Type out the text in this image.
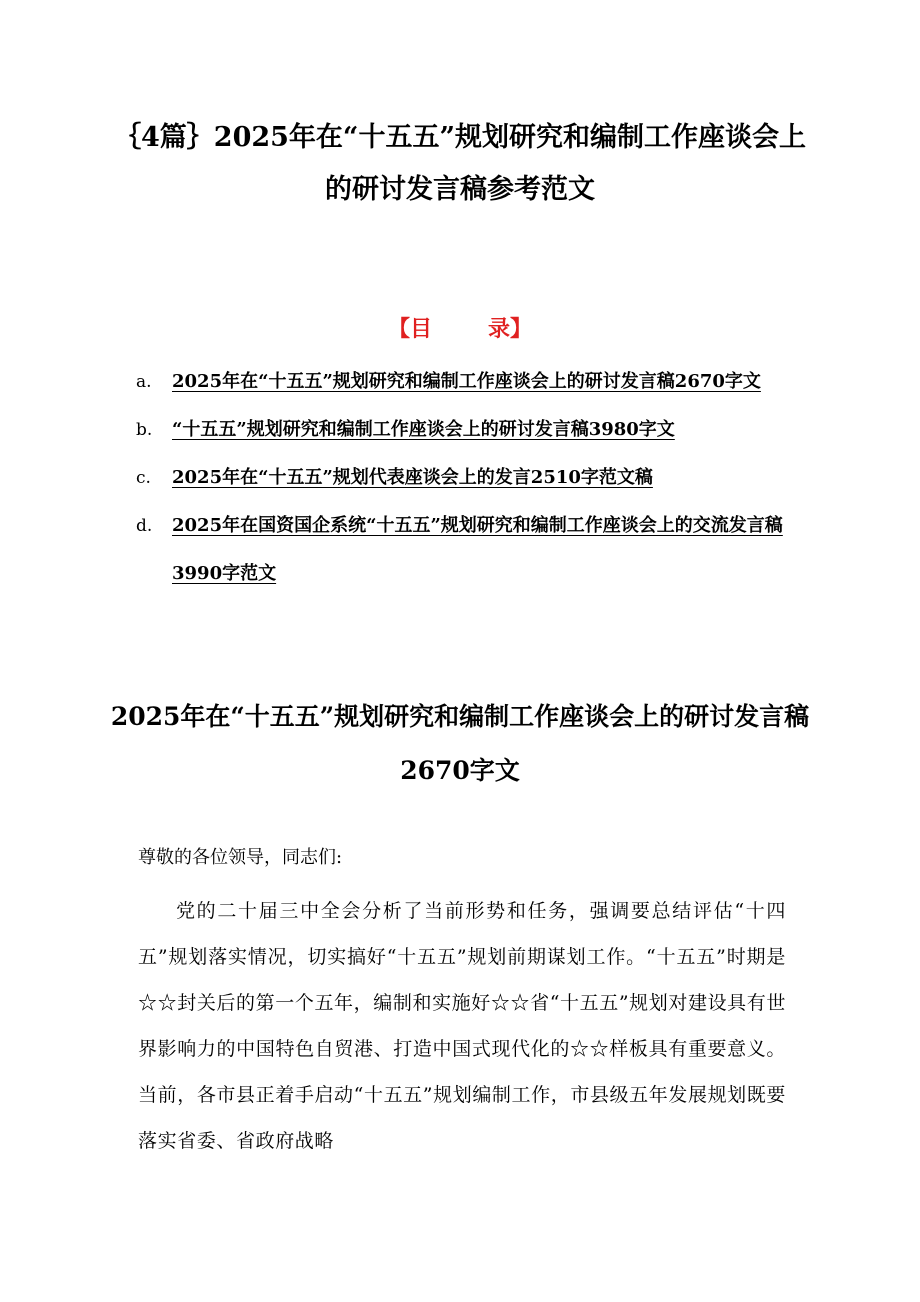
｛4篇｝2025年在“十五五”规划研究和编制工作座谈会上的研讨发言稿参考范文
【目	录】
a. 2025年在“十五五”规划研究和编制工作座谈会上的研讨发言稿2670字文
b. “十五五”规划研究和编制工作座谈会上的研讨发言稿3980字文
c. 2025年在“十五五”规划代表座谈会上的发言2510字范文稿
d. 2025年在国资国企系统“十五五”规划研究和编制工作座谈会上的交流发言稿3990字范文
2025年在“十五五”规划研究和编制工作座谈会上的研讨发言稿2670字文
尊敬的各位领导，同志们:
党的二十届三中全会分析了当前形势和任务，强调要总结评估“十四五”规划落实情况，切实搞好“十五五”规划前期谋划工作。“十五五”时期是☆☆封关后的第一个五年，编制和实施好☆☆省“十五五”规划对建设具有世界影响力的中国特色自贸港、打造中国式现代化的☆☆样板具有重要意义。当前，各市县正着手启动“十五五”规划编制工作，市县级五年发展规划既要落实省委、省政府战略
